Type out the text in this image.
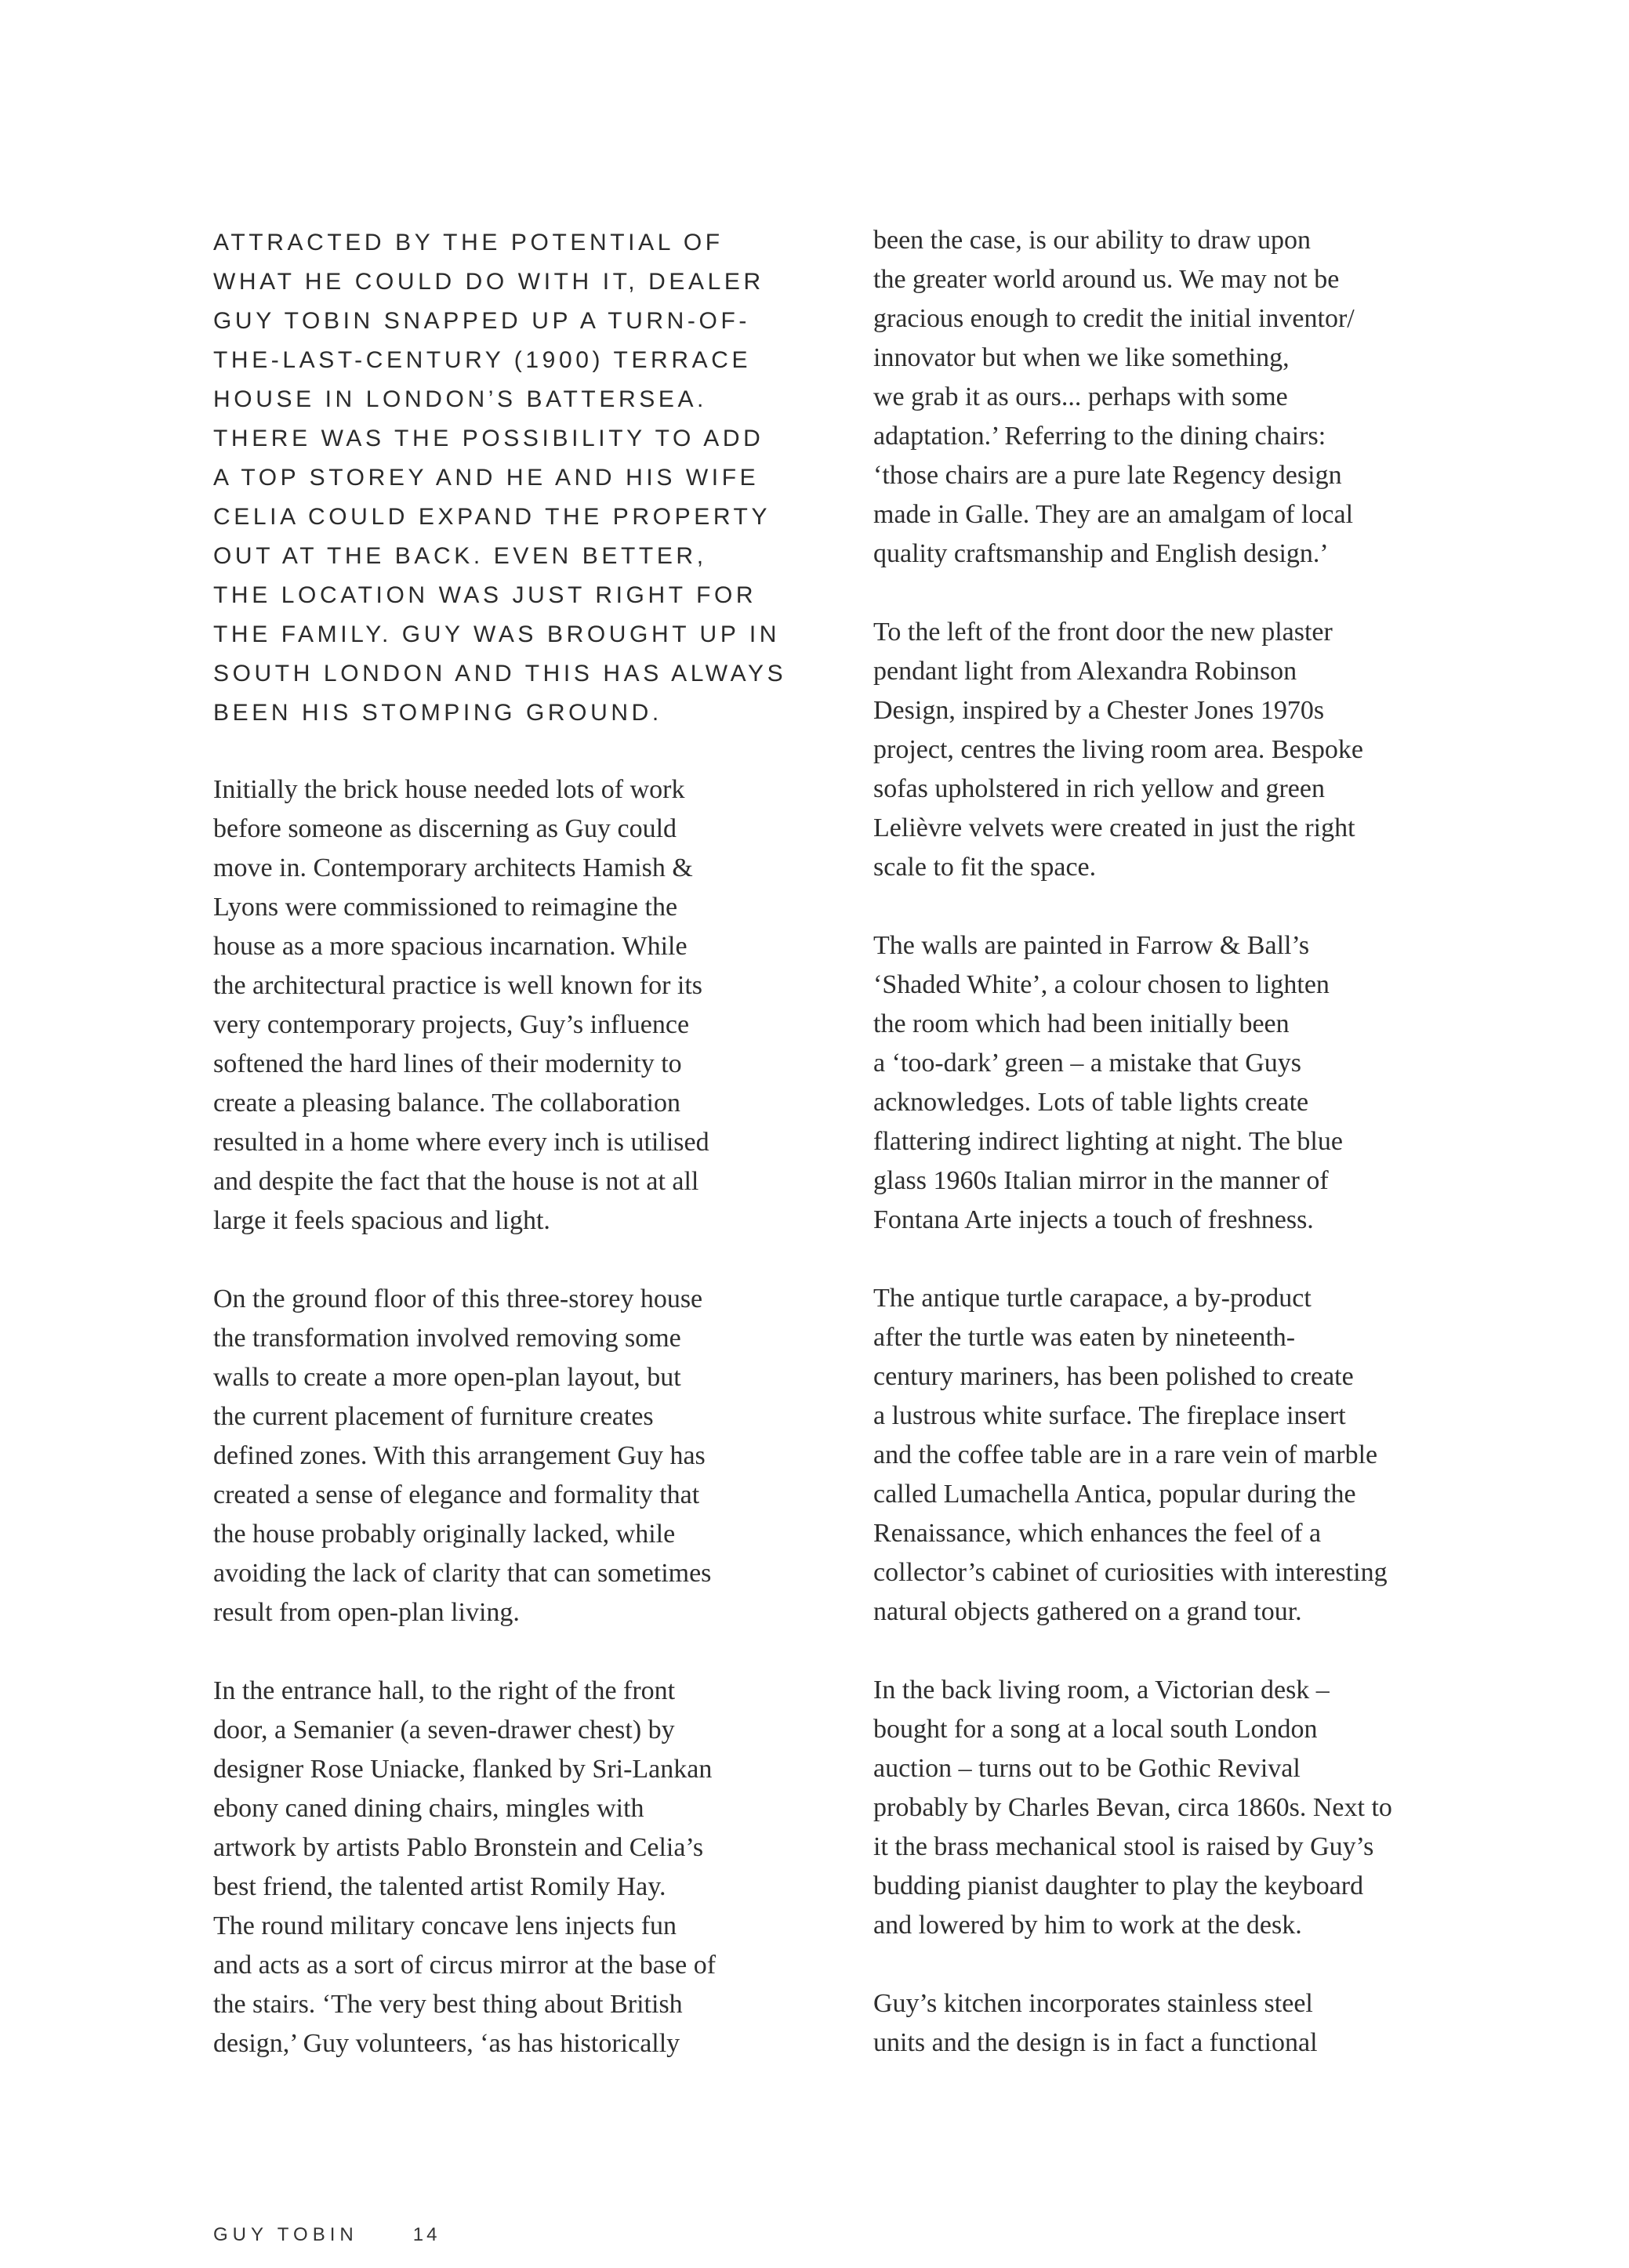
ATTRACTED BY THE POTENTIAL OF
WHAT HE COULD DO WITH IT, DEALER
GUY TOBIN SNAPPED UP A TURN-OF-
THE-LAST-CENTURY (1900) TERRACE
HOUSE IN LONDON’S BATTERSEA.
THERE WAS THE POSSIBILITY TO ADD
A TOP STOREY AND HE AND HIS WIFE
CELIA COULD EXPAND THE PROPERTY
OUT AT THE BACK. EVEN BETTER,
THE LOCATION WAS JUST RIGHT FOR
THE FAMILY. GUY WAS BROUGHT UP IN
SOUTH LONDON AND THIS HAS ALWAYS
BEEN HIS STOMPING GROUND.

Initially the brick house needed lots of work
before someone as discerning as Guy could
move in. Contemporary architects Hamish &
Lyons were commissioned to reimagine the
house as a more spacious incarnation. While
the architectural practice is well known for its
very contemporary projects, Guy’s influence
softened the hard lines of their modernity to
create a pleasing balance. The collaboration
resulted in a home where every inch is utilised
and despite the fact that the house is not at all
large it feels spacious and light.

On the ground floor of this three-storey house
the transformation involved removing some
walls to create a more open-plan layout, but
the current placement of furniture creates
defined zones. With this arrangement Guy has
created a sense of elegance and formality that
the house probably originally lacked, while
avoiding the lack of clarity that can sometimes
result from open-plan living.

In the entrance hall, to the right of the front
door, a Semanier (a seven-drawer chest) by
designer Rose Uniacke, flanked by Sri-Lankan
ebony caned dining chairs, mingles with
artwork by artists Pablo Bronstein and Celia’s
best friend, the talented artist Romily Hay.
The round military concave lens injects fun
and acts as a sort of circus mirror at the base of
the stairs. ‘The very best thing about British
design,’ Guy volunteers, ‘as has historically

been the case, is our ability to draw upon
the greater world around us. We may not be
gracious enough to credit the initial inventor/
innovator but when we like something,
we grab it as ours... perhaps with some
adaptation.’ Referring to the dining chairs:
‘those chairs are a pure late Regency design
made in Galle. They are an amalgam of local
quality craftsmanship and English design.’

To the left of the front door the new plaster
pendant light from Alexandra Robinson
Design, inspired by a Chester Jones 1970s
project, centres the living room area. Bespoke
sofas upholstered in rich yellow and green
Lelièvre velvets were created in just the right
scale to fit the space.

The walls are painted in Farrow & Ball’s
‘Shaded White’, a colour chosen to lighten
the room which had been initially been
a ‘too-dark’ green – a mistake that Guys
acknowledges. Lots of table lights create
flattering indirect lighting at night. The blue
glass 1960s Italian mirror in the manner of
Fontana Arte injects a touch of freshness.

The antique turtle carapace, a by-product
after the turtle was eaten by nineteenth-
century mariners, has been polished to create
a lustrous white surface. The fireplace insert
and the coffee table are in a rare vein of marble
called Lumachella Antica, popular during the
Renaissance, which enhances the feel of a
collector’s cabinet of curiosities with interesting
natural objects gathered on a grand tour.

In the back living room, a Victorian desk –
bought for a song at a local south London
auction – turns out to be Gothic Revival
probably by Charles Bevan, circa 1860s. Next to
it the brass mechanical stool is raised by Guy’s
budding pianist daughter to play the keyboard
and lowered by him to work at the desk.

Guy’s kitchen incorporates stainless steel
units and the design is in fact a functional

GUY TOBIN	14
